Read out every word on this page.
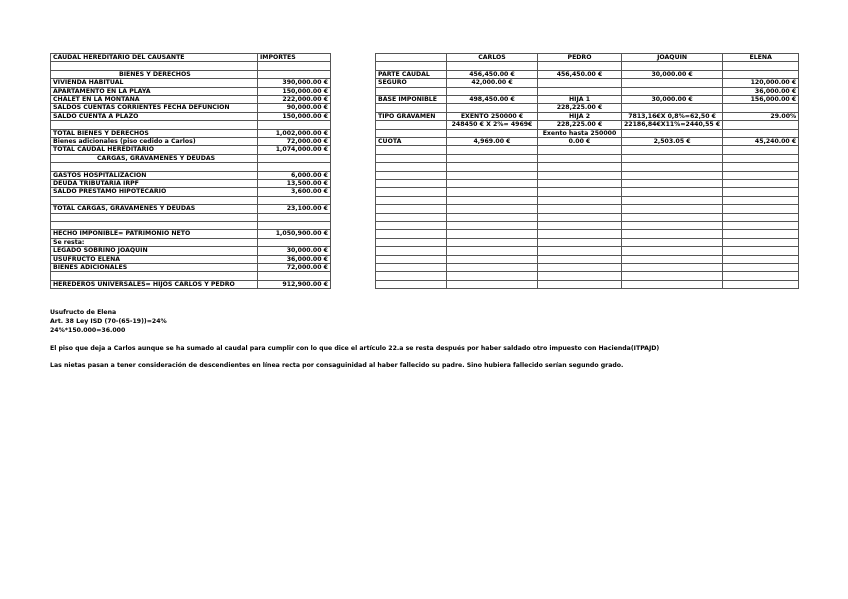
CAUDAL HEREDITARIO DEL CAUSANTE	IMPORTES

BIENES Y DERECHOS	
VIVIENDA HABITUAL	390,000.00 €
APARTAMENTO EN LA PLAYA	150,000.00 €
CHALET EN LA MONTAÑA	222,000.00 €
SALDOS CUENTAS CORRIENTES FECHA DEFUNCIÓN	90,000.00 €
SALDO CUENTA A PLAZO	150,000.00 €

TOTAL BIENES Y DERECHOS	1,002,000.00 €
Bienes adicionales (piso cedido a Carlos)	72,000.00 €
TOTAL CAUDAL HEREDITARIO	1,074,000.00 €
CARGAS, GRAVÁMENES Y DEUDAS	

GASTOS HOSPITALIZACIÓN	6,000.00 €
DEUDA TRIBUTARIA IRPF	13,500.00 €
SALDO PRÉSTAMO HIPOTECARIO	3,600.00 €

TOTAL CARGAS, GRAVÁMENES Y DEUDAS	23,100.00 €

HECHO IMPONIBLE= PATRIMONIO NETO	1,050,900.00 €
Se resta:	
LEGADO SOBRINO JOAQUIN	30,000.00 €
USUFRUCTO ELENA	36,000.00 €
BIENES ADICIONALES	72,000.00 €

HEREDEROS UNIVERSALES= HIJOS CARLOS Y PEDRO	912,900.00 €
	CARLOS	PEDRO	JOAQUIN	ELENA

PARTE CAUDAL	456,450.00 €	456,450.00 €	30,000.00 €	
SEGURO	42,000.00 €			120,000.00 €
				36,000.00 €
BASE IMPONIBLE	498,450.00 €	HIJA 1	30,000.00 €	156,000.00 €
		228,225.00 €		
TIPO GRAVAMEN	EXENTO 250000 €	HIJA 2	7813,16€X 0,8%=62,50 €	29.00%
	248450 € X 2%= 4969€	228,225.00 €	22186,84€X11%=2440,55 €	
		Exento hasta 250000		
CUOTA	4,969.00 €	0.00 €	2,503.05 €	45,240.00 €

Usufructo de Elena
Art. 38 Ley ISD (70-(65-19))=24%
24%*150.000=36.000
El piso que deja a Carlos aunque se ha sumado al caudal para cumplir con lo que dice el artículo 22.a se resta después por haber saldado otro impuesto con Hacienda(ITPAJD)
Las nietas pasan a tener consideración de descendientes en línea recta por consaguinidad al haber fallecido su padre. Sino hubiera fallecido serían segundo grado.
